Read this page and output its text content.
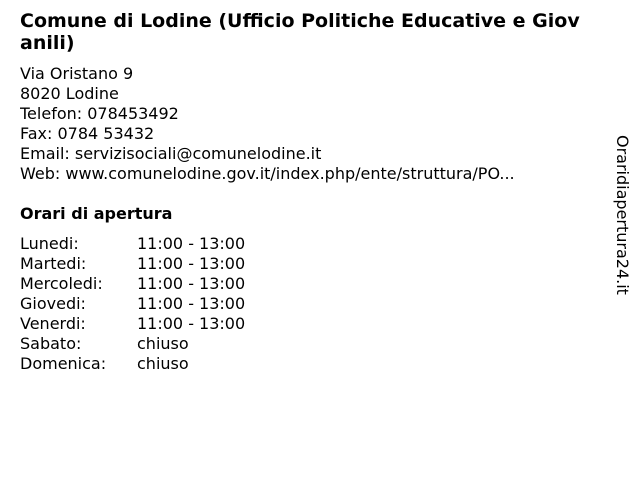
Comune di Lodine (Ufficio Politiche Educative e Giovanili)
Via Oristano 9
8020 Lodine
Telefon: 078453492
Fax: 0784 53432
Email: servizisociali@comunelodine.it
Web: www.comunelodine.gov.it/index.php/ente/struttura/PO...
Orari di apertura
Lunedi:	11:00 - 13:00
Martedi:	11:00 - 13:00
Mercoledi:	11:00 - 13:00
Giovedi:	11:00 - 13:00
Venerdi:	11:00 - 13:00
Sabato:	chiuso
Domenica:	chiuso
Oraridiapertura24.it
